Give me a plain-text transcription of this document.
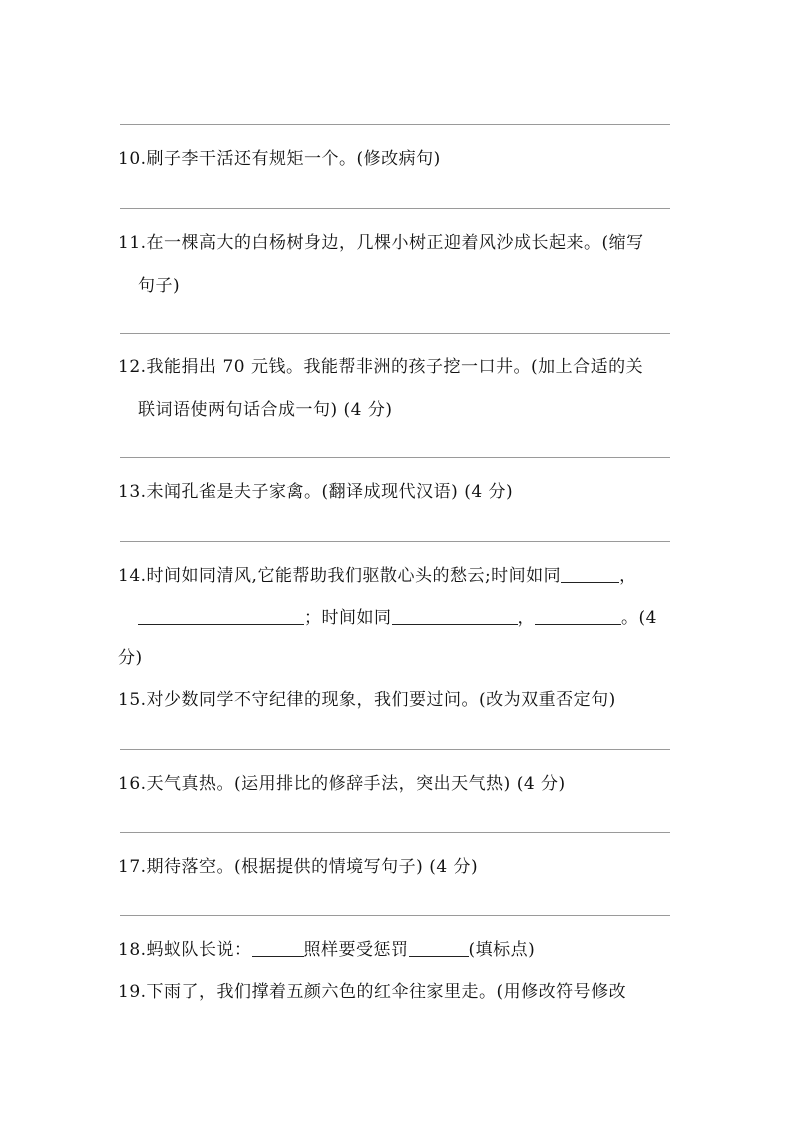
10.刷子李干活还有规矩一个。(修改病句)
11.在一棵高大的白杨树身边，几棵小树正迎着风沙成长起来。(缩写
句子)
12.我能捐出 70 元钱。我能帮非洲的孩子挖一口井。(加上合适的关
联词语使两句话合成一句) (4 分)
13.未闻孔雀是夫子家禽。(翻译成现代汉语) (4 分)
14.时间如同清风,它能帮助我们驱散心头的愁云;时间如同	，
；时间如同	，	。(4
分)
15.对少数同学不守纪律的现象，我们要过问。(改为双重否定句)
16.天气真热。(运用排比的修辞手法，突出天气热) (4 分)
17.期待落空。(根据提供的情境写句子) (4 分)
18.蚂蚁队长说：	照样要受惩罚	(填标点)
19.下雨了，我们撑着五颜六色的红伞往家里走。(用修改符号修改
